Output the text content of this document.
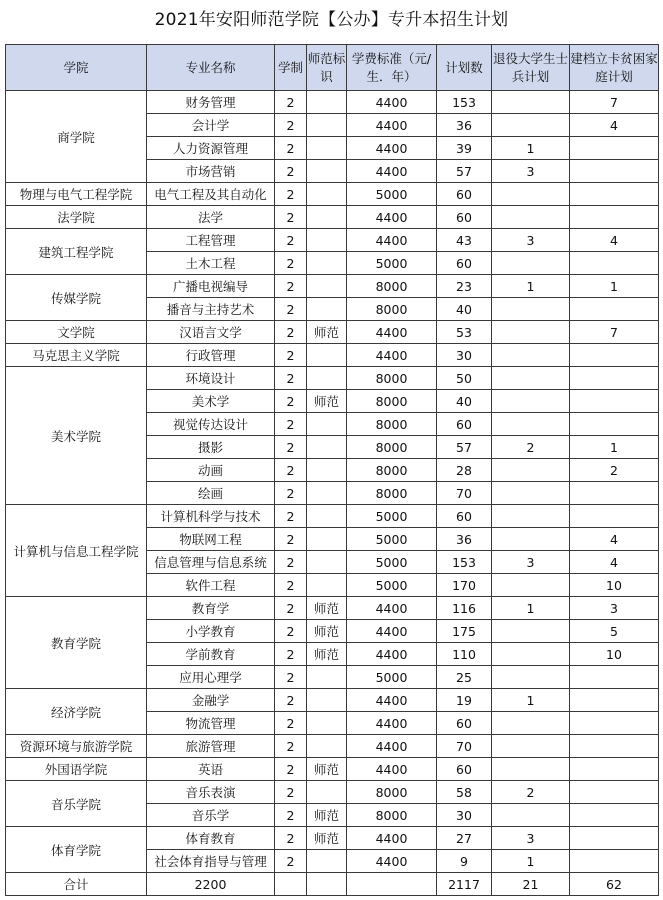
2021年安阳师范学院【公办】专升本招生计划
学院	专业名称	学制	师范标识	学费标准（元/生．年）	计划数	退役大学生士兵计划	建档立卡贫困家庭计划
商学院	财务管理	2		4400	153		7
	会计学	2		4400	36		4
	人力资源管理	2		4400	39	1	
	市场营销	2		4400	57	3	
物理与电气工程学院	电气工程及其自动化	2		5000	60		
法学院	法学	2		4400	60		
建筑工程学院	工程管理	2		4400	43	3	4
	土木工程	2		5000	60		
传媒学院	广播电视编导	2		8000	23	1	1
	播音与主持艺术	2		8000	40		
文学院	汉语言文学	2	师范	4400	53		7
马克思主义学院	行政管理	2		4400	30		
美术学院	环境设计	2		8000	50		
	美术学	2	师范	8000	40		
	视觉传达设计	2		8000	60		
	摄影	2		8000	57	2	1
	动画	2		8000	28		2
	绘画	2		8000	70		
计算机与信息工程学院	计算机科学与技术	2		5000	60		
	物联网工程	2		5000	36		4
	信息管理与信息系统	2		5000	153	3	4
	软件工程	2		5000	170		10
教育学院	教育学	2	师范	4400	116	1	3
	小学教育	2	师范	4400	175		5
	学前教育	2	师范	4400	110		10
	应用心理学	2		5000	25		
经济学院	金融学	2		4400	19	1	
	物流管理	2		4400	60		
资源环境与旅游学院	旅游管理	2		4400	70		
外国语学院	英语	2	师范	4400	60		
音乐学院	音乐表演	2		8000	58	2	
	音乐学	2	师范	8000	30		
体育学院	体育教育	2	师范	4400	27	3	
	社会体育指导与管理	2		4400	9	1	
合计	2200				2117	21	62
